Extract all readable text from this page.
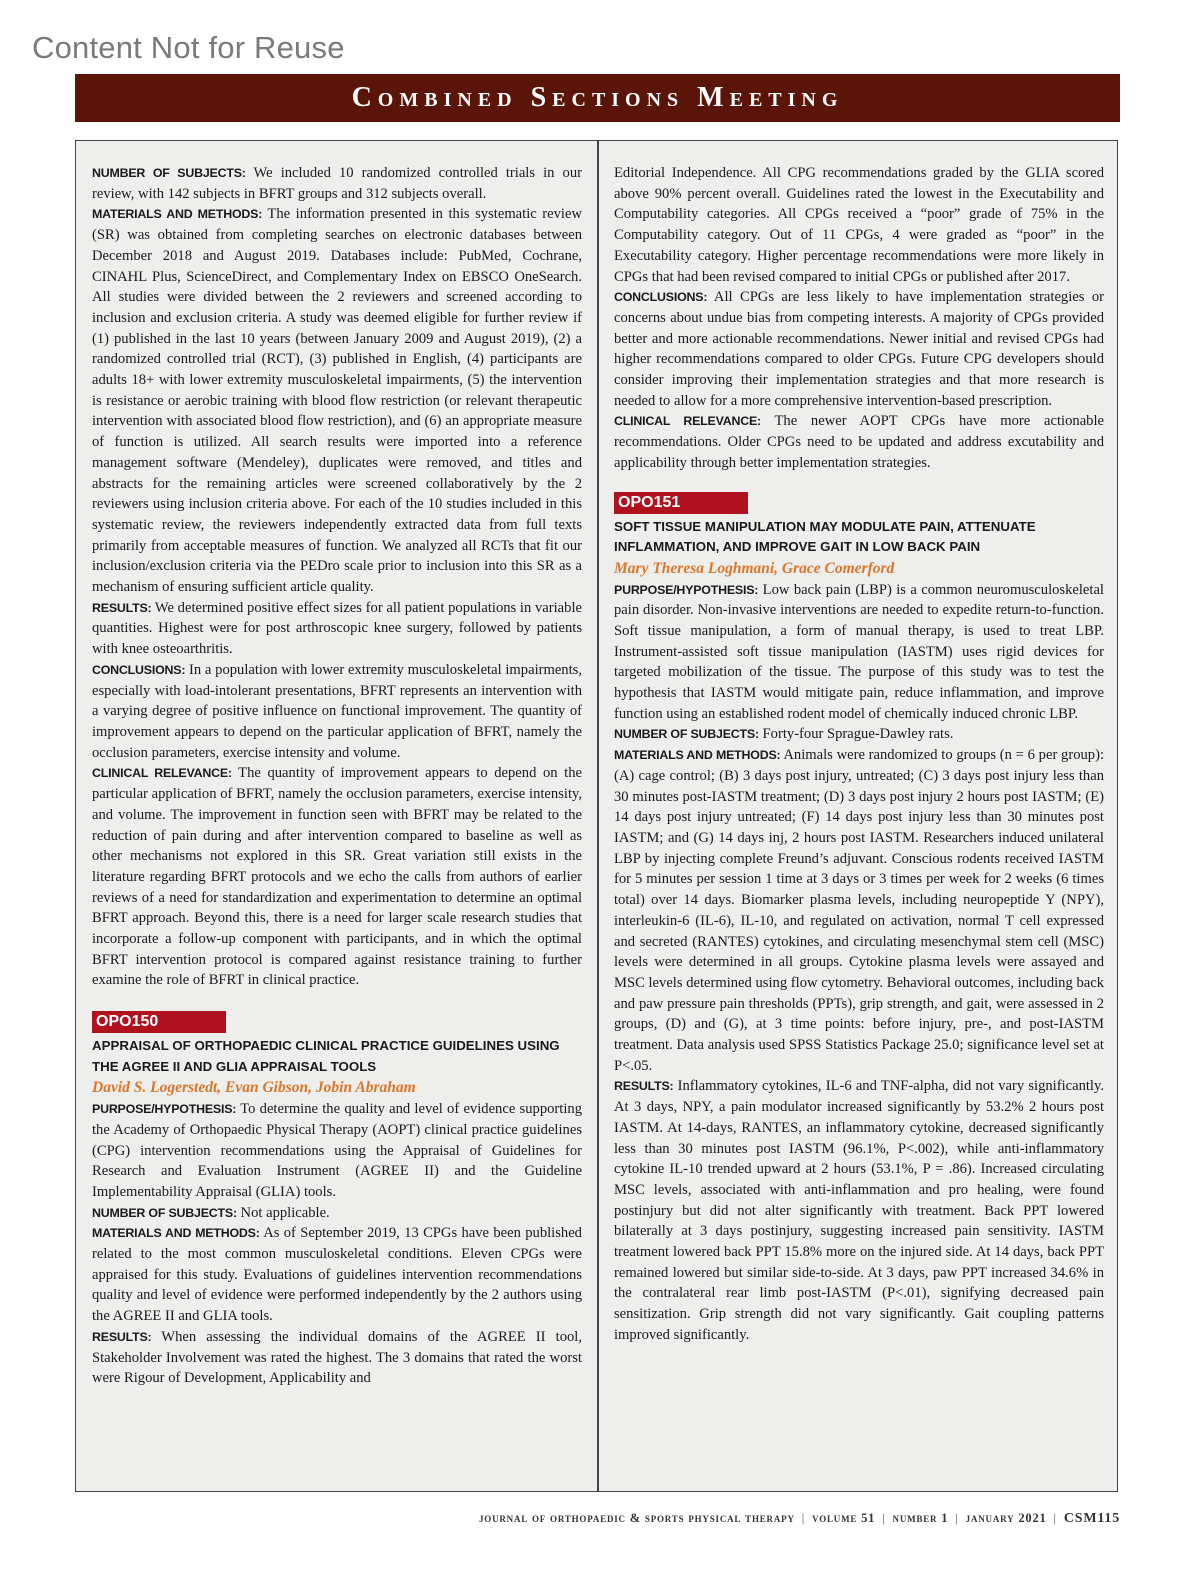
Content Not for Reuse
Combined Sections Meeting

NUMBER OF SUBJECTS: We included 10 randomized controlled trials in our review, with 142 subjects in BFRT groups and 312 subjects overall.

MATERIALS AND METHODS: The information presented in this systematic review (SR) was obtained from completing searches on electronic databases between December 2018 and August 2019. Databases include: PubMed, Cochrane, CINAHL Plus, ScienceDirect, and Complementary Index on EBSCO OneSearch. All studies were divided between the 2 reviewers and screened according to inclusion and exclusion criteria. A study was deemed eligible for further review if (1) published in the last 10 years (between January 2009 and August 2019), (2) a randomized controlled trial (RCT), (3) published in English, (4) participants are adults 18+ with lower extremity musculoskeletal impairments, (5) the intervention is resistance or aerobic training with blood flow restriction (or relevant therapeutic intervention with associated blood flow restriction), and (6) an appropriate measure of function is utilized. All search results were imported into a reference management software (Mendeley), duplicates were removed, and titles and abstracts for the remaining articles were screened collaboratively by the 2 reviewers using inclusion criteria above. For each of the 10 studies included in this systematic review, the reviewers independently extracted data from full texts primarily from acceptable measures of function. We analyzed all RCTs that fit our inclusion/exclusion criteria via the PEDro scale prior to inclusion into this SR as a mechanism of ensuring sufficient article quality.

RESULTS: We determined positive effect sizes for all patient populations in variable quantities. Highest were for post arthroscopic knee surgery, followed by patients with knee osteoarthritis.

CONCLUSIONS: In a population with lower extremity musculoskeletal impairments, especially with load-intolerant presentations, BFRT represents an intervention with a varying degree of positive influence on functional improvement. The quantity of improvement appears to depend on the particular application of BFRT, namely the occlusion parameters, exercise intensity and volume.

CLINICAL RELEVANCE: The quantity of improvement appears to depend on the particular application of BFRT, namely the occlusion parameters, exercise intensity, and volume. The improvement in function seen with BFRT may be related to the reduction of pain during and after intervention compared to baseline as well as other mechanisms not explored in this SR. Great variation still exists in the literature regarding BFRT protocols and we echo the calls from authors of earlier reviews of a need for standardization and experimentation to determine an optimal BFRT approach. Beyond this, there is a need for larger scale research studies that incorporate a follow-up component with participants, and in which the optimal BFRT intervention protocol is compared against resistance training to further examine the role of BFRT in clinical practice.

OPO150
APPRAISAL OF ORTHOPAEDIC CLINICAL PRACTICE GUIDELINES USING THE AGREE II AND GLIA APPRAISAL TOOLS
David S. Logerstedt, Evan Gibson, Jobin Abraham

PURPOSE/HYPOTHESIS: To determine the quality and level of evidence supporting the Academy of Orthopaedic Physical Therapy (AOPT) clinical practice guidelines (CPG) intervention recommendations using the Appraisal of Guidelines for Research and Evaluation Instrument (AGREE II) and the Guideline Implementability Appraisal (GLIA) tools.

NUMBER OF SUBJECTS: Not applicable.

MATERIALS AND METHODS: As of September 2019, 13 CPGs have been published related to the most common musculoskeletal conditions. Eleven CPGs were appraised for this study. Evaluations of guidelines intervention recommendations quality and level of evidence were performed independently by the 2 authors using the AGREE II and GLIA tools.

RESULTS: When assessing the individual domains of the AGREE II tool, Stakeholder Involvement was rated the highest. The 3 domains that rated the worst were Rigour of Development, Applicability and

Editorial Independence. All CPG recommendations graded by the GLIA scored above 90% percent overall. Guidelines rated the lowest in the Executability and Computability categories. All CPGs received a “poor” grade of 75% in the Computability category. Out of 11 CPGs, 4 were graded as “poor” in the Executability category. Higher percentage recommendations were more likely in CPGs that had been revised compared to initial CPGs or published after 2017.

CONCLUSIONS: All CPGs are less likely to have implementation strategies or concerns about undue bias from competing interests. A majority of CPGs provided better and more actionable recommendations. Newer initial and revised CPGs had higher recommendations compared to older CPGs. Future CPG developers should consider improving their implementation strategies and that more research is needed to allow for a more comprehensive intervention-based prescription.

CLINICAL RELEVANCE: The newer AOPT CPGs have more actionable recommendations. Older CPGs need to be updated and address excutability and applicability through better implementation strategies.

OPO151
SOFT TISSUE MANIPULATION MAY MODULATE PAIN, ATTENUATE INFLAMMATION, AND IMPROVE GAIT IN LOW BACK PAIN
Mary Theresa Loghmani, Grace Comerford

PURPOSE/HYPOTHESIS: Low back pain (LBP) is a common neuromusculoskeletal pain disorder. Non-invasive interventions are needed to expedite return-to-function. Soft tissue manipulation, a form of manual therapy, is used to treat LBP. Instrument-assisted soft tissue manipulation (IASTM) uses rigid devices for targeted mobilization of the tissue. The purpose of this study was to test the hypothesis that IASTM would mitigate pain, reduce inflammation, and improve function using an established rodent model of chemically induced chronic LBP.

NUMBER OF SUBJECTS: Forty-four Sprague-Dawley rats.

MATERIALS AND METHODS: Animals were randomized to groups (n = 6 per group): (A) cage control; (B) 3 days post injury, untreated; (C) 3 days post injury less than 30 minutes post-IASTM treatment; (D) 3 days post injury 2 hours post IASTM; (E) 14 days post injury untreated; (F) 14 days post injury less than 30 minutes post IASTM; and (G) 14 days inj, 2 hours post IASTM. Researchers induced unilateral LBP by injecting complete Freund’s adjuvant. Conscious rodents received IASTM for 5 minutes per session 1 time at 3 days or 3 times per week for 2 weeks (6 times total) over 14 days. Biomarker plasma levels, including neuropeptide Y (NPY), interleukin-6 (IL-6), IL-10, and regulated on activation, normal T cell expressed and secreted (RANTES) cytokines, and circulating mesenchymal stem cell (MSC) levels were determined in all groups. Cytokine plasma levels were assayed and MSC levels determined using flow cytometry. Behavioral outcomes, including back and paw pressure pain thresholds (PPTs), grip strength, and gait, were assessed in 2 groups, (D) and (G), at 3 time points: before injury, pre-, and post-IASTM treatment. Data analysis used SPSS Statistics Package 25.0; significance level set at P<.05.

RESULTS: Inflammatory cytokines, IL-6 and TNF-alpha, did not vary significantly. At 3 days, NPY, a pain modulator increased significantly by 53.2% 2 hours post IASTM. At 14-days, RANTES, an inflammatory cytokine, decreased significantly less than 30 minutes post IASTM (96.1%, P<.002), while anti-inflammatory cytokine IL-10 trended upward at 2 hours (53.1%, P = .86). Increased circulating MSC levels, associated with anti-inflammation and pro healing, were found postinjury but did not alter significantly with treatment. Back PPT lowered bilaterally at 3 days postinjury, suggesting increased pain sensitivity. IASTM treatment lowered back PPT 15.8% more on the injured side. At 14 days, back PPT remained lowered but similar side-to-side. At 3 days, paw PPT increased 34.6% in the contralateral rear limb post-IASTM (P<.01), signifying decreased pain sensitization. Grip strength did not vary significantly. Gait coupling patterns improved significantly.

journal of orthopaedic & sports physical therapy | volume 51 | number 1 | january 2021 | CSM115
